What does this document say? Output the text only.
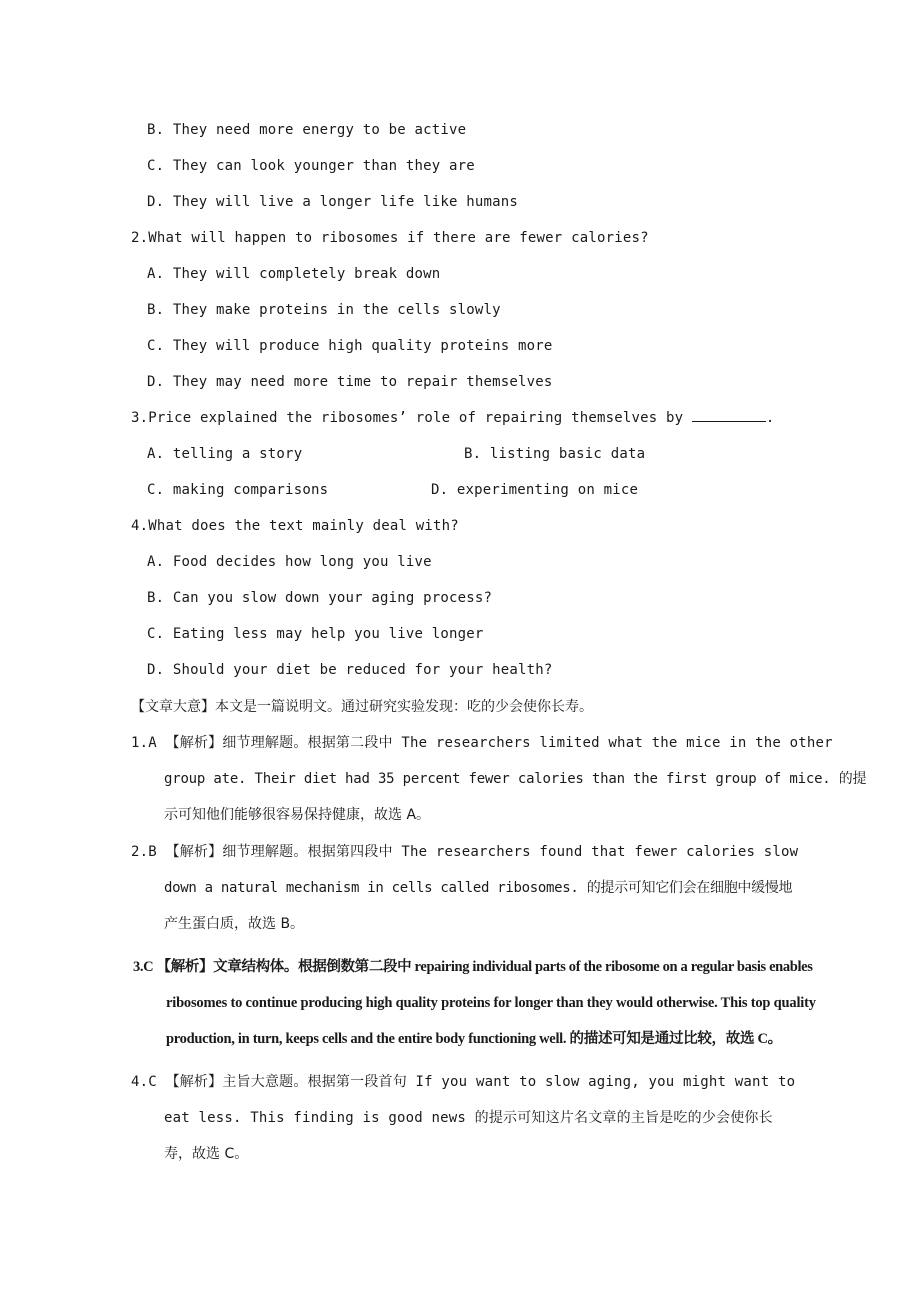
B. They need more energy to be active
C. They can look younger than they are
D. They will live a longer life like humans
2.What will happen to ribosomes if there are fewer calories?
A. They will completely break down
B. They make proteins in the cells slowly
C. They will produce high quality proteins more
D. They may need more time to repair themselves
3.Price explained the ribosomes’ role of repairing themselves by	.
A. telling a story	B. listing basic data
C. making comparisons	D. experimenting on mice
4.What does the text mainly deal with?
A. Food decides how long you live
B. Can you slow down your aging process?
C. Eating less may help you live longer
D. Should your diet be reduced for your health?
【文章大意】本文是一篇说明文。通过研究实验发现：吃的少会使你长寿。
1.A 【解析】细节理解题。根据第二段中 The researchers limited what the mice in the other
group ate. Their diet had 35 percent fewer calories than the first group of mice. 的提
示可知他们能够很容易保持健康，故选 A。
2.B 【解析】细节理解题。根据第四段中 The researchers found that fewer calories slow
down a natural mechanism in cells called ribosomes. 的提示可知它们会在细胞中缓慢地
产生蛋白质，故选 B。
3.C 【解析】文章结构体。根据倒数第二段中 repairing individual parts of the ribosome on a regular basis enables
ribosomes to continue producing high quality proteins for longer than they would otherwise. This top quality
production, in turn, keeps cells and the entire body functioning well. 的描述可知是通过比较，故选 C。
4.C 【解析】主旨大意题。根据第一段首句 If you want to slow aging, you might want to
eat less. This finding is good news 的提示可知这片名文章的主旨是吃的少会使你长
寿，故选 C。
